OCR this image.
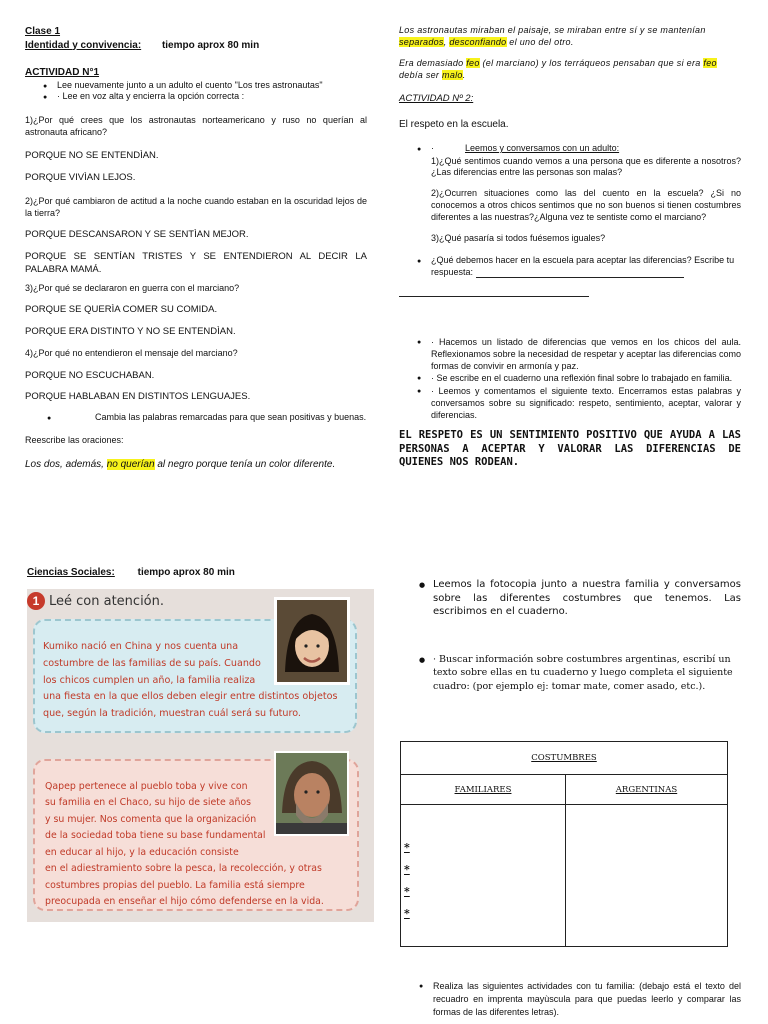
Clase 1

Identidad y convivencia: tiempo aprox 80 min

ACTIVIDAD N°1

● Lee nuevamente junto a un adulto el cuento "Los tres astronautas"
● · Lee en voz alta y encierra la opción correcta :

1)¿Por qué crees que los astronautas norteamericano y ruso no querían al astronauta africano?

PORQUE NO SE ENTENDÌAN.

PORQUE VIVÌAN LEJOS.

2)¿Por qué cambiaron de actitud a la noche cuando estaban en la oscuridad lejos de la tierra?

PORQUE DESCANSARON Y SE SENTÌAN MEJOR.

PORQUE SE SENTÍAN TRISTES Y SE ENTENDIERON AL DECIR LA PALABRA MAMÁ.

3)¿Por qué se declararon en guerra con el marciano?

PORQUE SE QUERÌA COMER SU COMIDA.

PORQUE ERA DISTINTO Y NO SE ENTENDÌAN.

4)¿Por qué no entendieron el mensaje del marciano?

PORQUE NO ESCUCHABAN.

PORQUE HABLABAN EN DISTINTOS LENGUAJES.

● Cambia las palabras remarcadas para que sean positivas y buenas.

Reescribe las oraciones:

Los dos, además, no querían al negro porque tenía un color diferente.

Los astronautas miraban el paisaje, se miraban entre sí y se mantenían separados, desconfiando el uno del otro.

Era demasiado feo (el marciano) y los terráqueos pensaban que si era feo debía ser malo.

ACTIVIDAD Nº 2:

El respeto en la escuela.

● ·	Leemos y conversamos con un adulto:

1)¿Qué sentimos cuando vemos a una persona que es diferente a nosotros?¿Las diferencias entre las personas son malas?

2)¿Ocurren situaciones como las del cuento en la escuela? ¿Si no conocemos a otros chicos sentimos que no son buenos si tienen costumbres diferentes a las nuestras?¿Alguna vez te sentiste como el marciano?

3)¿Qué pasaría si todos fuésemos iguales?

● ¿Qué debemos hacer en la escuela para aceptar las diferencias? Escribe tu respuesta:
● · Hacemos un listado de diferencias que vemos en los chicos del aula. Reflexionamos sobre la necesidad de respetar y aceptar las diferencias como formas de convivir en armonía y paz.
● · Se escribe en el cuaderno una reflexión final sobre lo trabajado en familia.
● · Leemos y comentamos el siguiente texto. Encerramos estas palabras y conversamos sobre su significado: respeto, sentimiento, aceptar, valorar y diferencias.

EL RESPETO ES UN SENTIMIENTO POSITIVO QUE AYUDA A LAS PERSONAS A ACEPTAR Y VALORAR LAS DIFERENCIAS DE QUIENES NOS RODEAN.

Ciencias Sociales: tiempo aprox 80 min
1 Leé con atención.
Kumiko nació en China y nos cuenta una
costumbre de las familias de su país. Cuando
los chicos cumplen un año, la familia realiza
una fiesta en la que ellos deben elegir entre distintos objetos
que, según la tradición, muestran cuál será su futuro.
Qapep pertenece al pueblo toba y vive con
su familia en el Chaco, su hijo de siete años
y su mujer. Nos comenta que la organización
de la sociedad toba tiene su base fundamental
en educar al hijo, y la educación consiste
en el adiestramiento sobre la pesca, la recolección, y otras
costumbres propias del pueblo. La familia está siempre
preocupada en enseñar el hijo cómo defenderse en la vida.
● Leemos la fotocopia junto a nuestra familia y conversamos sobre las diferentes costumbres que tenemos. Las escribimos en el cuaderno.
● · Buscar información sobre costumbres argentinas, escribí un texto sobre ellas en tu cuaderno y luego completa el siguiente cuadro: (por ejemplo ej: tomar mate, comer asado, etc.).
COSTUMBRES	
FAMILIARES	ARGENTINAS

*
*
*
*	

● Realiza las siguientes actividades con tu familia: (debajo está el texto del recuadro en imprenta mayùscula para que puedas leerlo y comparar las formas de las diferentes letras).
